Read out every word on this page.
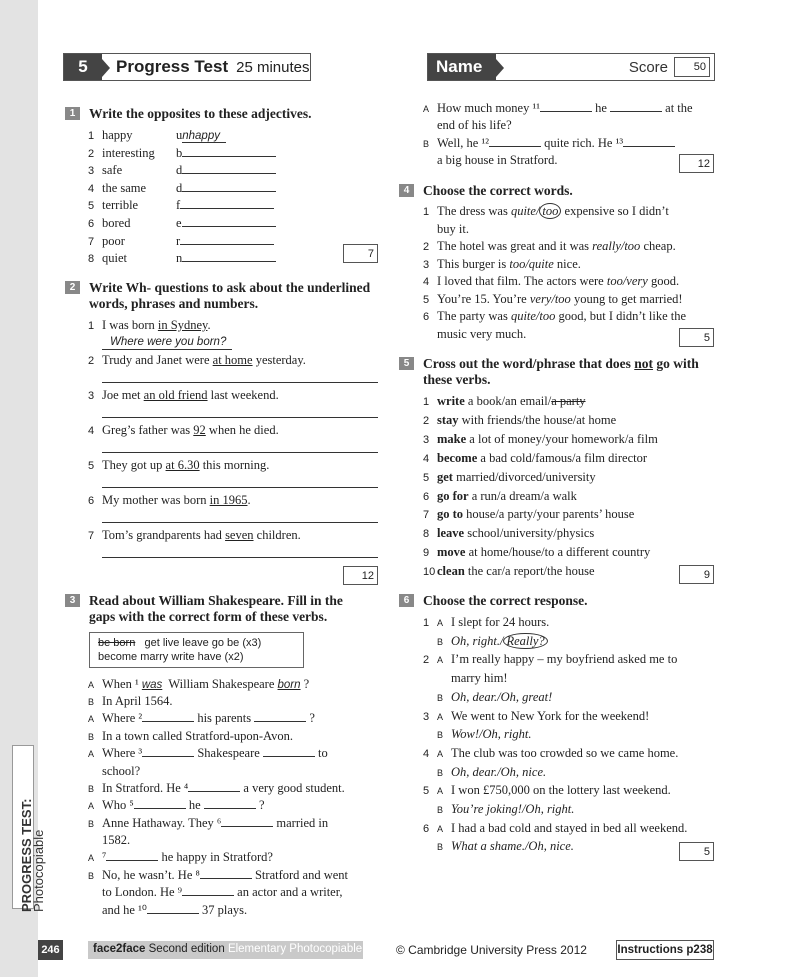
5	Progress Test 25 minutes	Name	Score	50
1	Write the opposites to these adjectives.
1 happy	unhappy
2 interesting b
3 safe	d
4 the same d
5 terrible	f
6 bored	e
7 poor	r
8 quiet	n	7
2	Write Wh- questions to ask about the underlined
words, phrases and numbers.
1 I was born in Sydney.
Where were you born?
2 Trudy and Janet were at home yesterday.
3 Joe met an old friend last weekend.
4 Greg’s father was 92 when he died.
5 They got up at 6.30 this morning.
6 My mother was born in 1965.
7 Tom’s grandparents had seven children.
12
3	Read about William Shakespeare. Fill in the
gaps with the correct form of these verbs.
be born get live leave go be (x3)
become marry write have (x2)
A When ¹ was William Shakespeare born ?
B In April 1564.
A Where ²	his parents	?
B In a town called Stratford-upon-Avon.
A Where ³	Shakespeare	to
school?
B In Stratford. He ⁴	a very good student.
A Who ⁵	he	?
B Anne Hathaway. They ⁶	married in
1582.
A ⁷	he happy in Stratford?
B No, he wasn’t. He ⁸	Stratford and went
to London. He ⁹	an actor and a writer,
and he ¹⁰	37 plays.
A How much money ¹¹	he	at the
end of his life?
B Well, he ¹²	quite rich. He ¹³
a big house in Stratford.	12
4	Choose the correct words.
1 The dress was quite/ too expensive so I didn’t
buy it.
2 The hotel was great and it was really/too cheap.
3 This burger is too/quite nice.
4 I loved that film. The actors were too/very good.
5 You’re 15. You’re very/too young to get married!
6 The party was quite/too good, but I didn’t like the
music very much.	5
5	Cross out the word/phrase that does not go with
these verbs.
1 write a book/an email/a party
2 stay with friends/the house/at home
3 make a lot of money/your homework/a film
4 become a bad cold/famous/a film director
5 get married/divorced/university
6 go for a run/a dream/a walk
7 go to house/a party/your parents’ house
8 leave school/university/physics
9 move at home/house/to a different country
10 clean the car/a report/the house	9
6	Choose the correct response.
1 A I slept for 24 hours.
B Oh, right./ Really?
2 A I’m really happy – my boyfriend asked me to
marry him!
B Oh, dear./Oh, great!
3 A We went to New York for the weekend!
B Wow!/Oh, right.
4 A The club was too crowded so we came home.
B Oh, dear./Oh, nice.
5 A I won £750,000 on the lottery last weekend.
B You’re joking!/Oh, right.
6 A I had a bad cold and stayed in bed all weekend.
B What a shame./Oh, nice.	5
PROGRESS TEST:
Photocopiable
246	face2face Second edition Elementary Photocopiable	© Cambridge University Press 2012	Instructions p238
